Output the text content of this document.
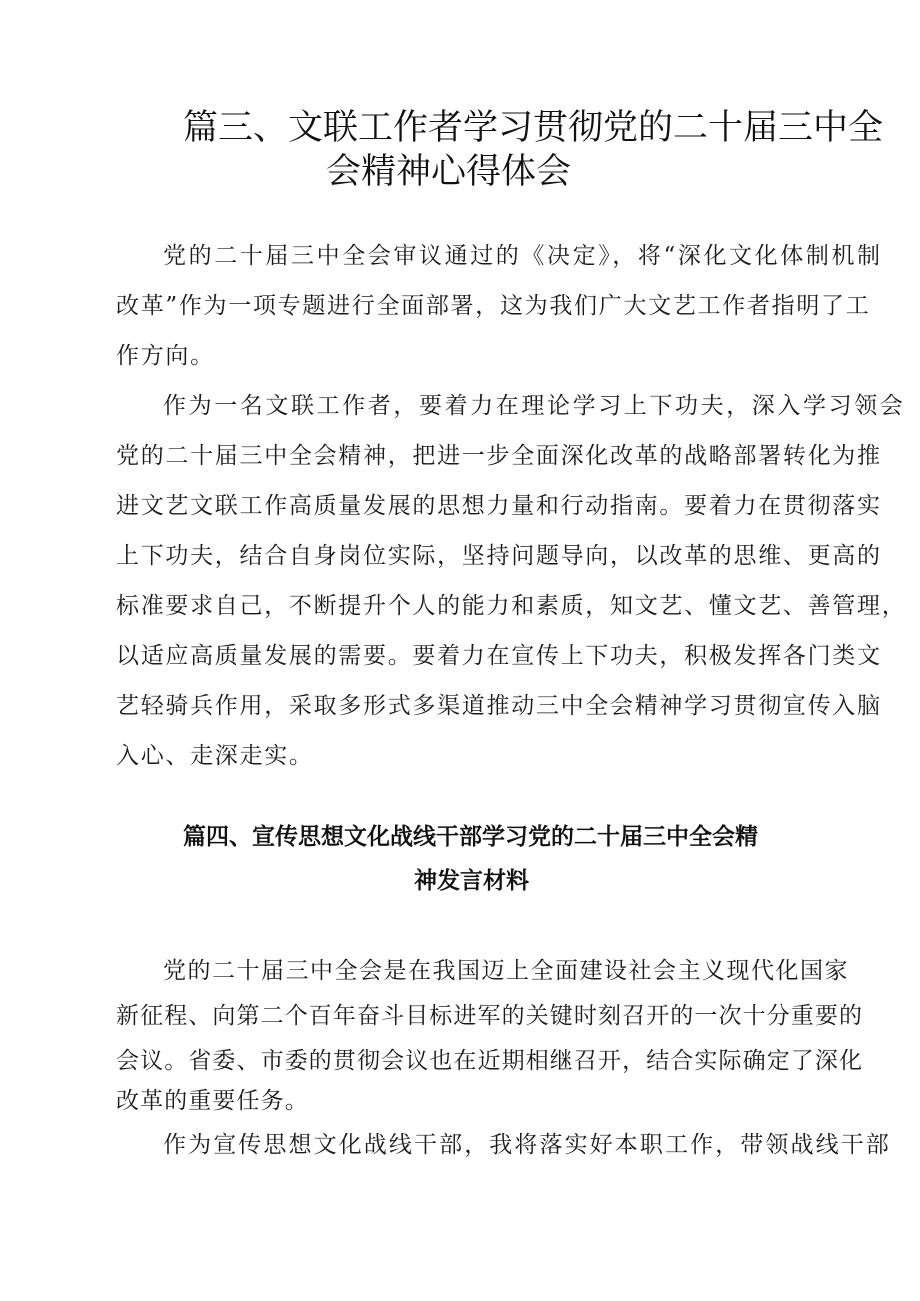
篇三、文联工作者学习贯彻党的二十届三中全

会精神心得体会

党的二十届三中全会审议通过的《决定》，将“深化文化体制机制

改革”作为一项专题进行全面部署，这为我们广大文艺工作者指明了工

作方向。

作为一名文联工作者，要着力在理论学习上下功夫，深入学习领会

党的二十届三中全会精神，把进一步全面深化改革的战略部署转化为推

进文艺文联工作高质量发展的思想力量和行动指南。要着力在贯彻落实

上下功夫，结合自身岗位实际，坚持问题导向，以改革的思维、更高的

标准要求自己，不断提升个人的能力和素质，知文艺、懂文艺、善管理，

以适应高质量发展的需要。要着力在宣传上下功夫，积极发挥各门类文

艺轻骑兵作用，采取多形式多渠道推动三中全会精神学习贯彻宣传入脑

入心、走深走实。

篇四、宣传思想文化战线干部学习党的二十届三中全会精

神发言材料

党的二十届三中全会是在我国迈上全面建设社会主义现代化国家

新征程、向第二个百年奋斗目标进军的关键时刻召开的一次十分重要的

会议。省委、市委的贯彻会议也在近期相继召开，结合实际确定了深化

改革的重要任务。

作为宣传思想文化战线干部，我将落实好本职工作，带领战线干部
